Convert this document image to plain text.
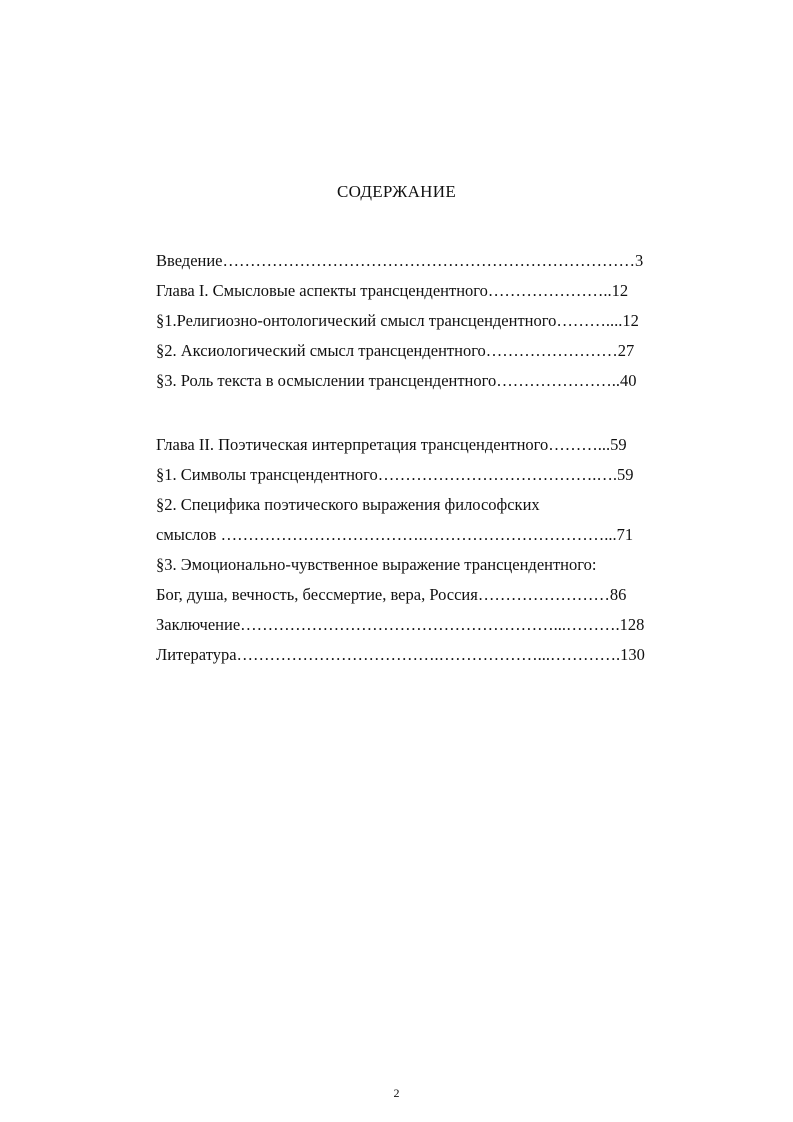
СОДЕРЖАНИЕ
Введение…………………………………………………………………3
Глава I. Смысловые аспекты трансцендентного…………………..12
§1.Религиозно-онтологический смысл трансцендентного………....12
§2. Аксиологический смысл трансцендентного……………………27
§3. Роль текста в осмыслении трансцендентного…………………..40
Глава II. Поэтическая интерпретация трансцендентного………...59
§1. Символы трансцендентного………………………………….….59
§2. Специфика поэтического выражения философских
смыслов ……………………………….……………………………...71
§3. Эмоционально-чувственное выражение трансцендентного:
Бог, душа, вечность, бессмертие, вера, Россия……………………86
Заключение…………………………………………………...……….128
Литература……………………………….………………...………….130
2
